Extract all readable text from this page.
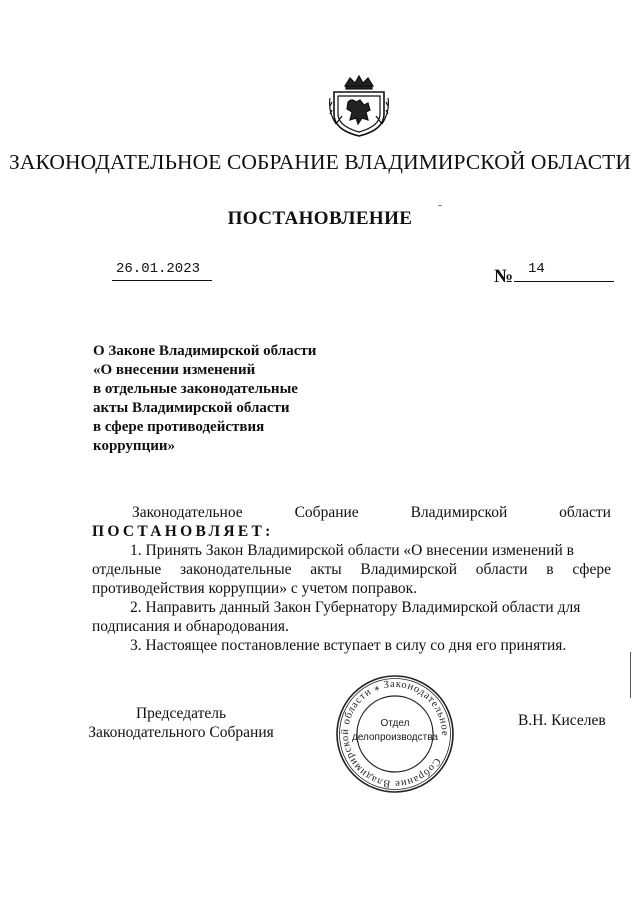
ЗАКОНОДАТЕЛЬНОЕ СОБРАНИЕ ВЛАДИМИРСКОЙ ОБЛАСТИ
ПОСТАНОВЛЕНИЕ
26.01.2023	№ 14
О Законе Владимирской области
«О внесении изменений
в отдельные законодательные
акты Владимирской области
в сфере противодействия
коррупции»
Законодательное	Собрание	Владимирской	области
ПОСТАНОВЛЯЕТ:
1. Принять Закон Владимирской области «О внесении изменений в
отдельные законодательные акты Владимирской области в сфере
противодействия коррупции» с учетом поправок.
2. Направить данный Закон Губернатору Владимирской области для
подписания и обнародования.
3. Настоящее постановление вступает в силу со дня его принятия.
Председатель
Законодательного Собрания
В.Н. Киселев
Собрание Владимирской области ⁎ Законодательное
Отдел
делопроизводства
